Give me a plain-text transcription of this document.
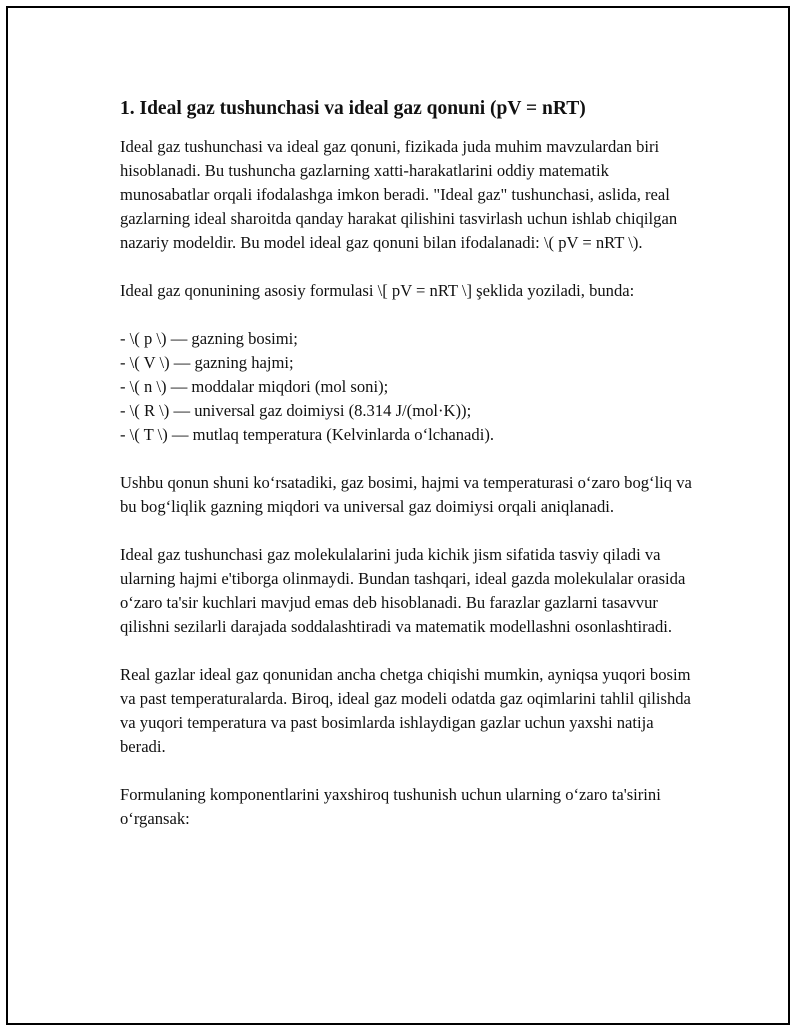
1. Ideal gaz tushunchasi va ideal gaz qonuni (pV = nRT)

Ideal gaz tushunchasi va ideal gaz qonuni, fizikada juda muhim mavzulardan biri hisoblanadi. Bu tushuncha gazlarning xatti-harakatlarini oddiy matematik munosabatlar orqali ifodalashga imkon beradi. "Ideal gaz" tushunchasi, aslida, real gazlarning ideal sharoitda qanday harakat qilishini tasvirlash uchun ishlab chiqilgan nazariy modeldir. Bu model ideal gaz qonuni bilan ifodalanadi: \( pV = nRT \).

Ideal gaz qonunining asosiy formulasi \[ pV = nRT \] şeklida yoziladi, bunda:

- \( p \) — gazning bosimi;
- \( V \) — gazning hajmi;
- \( n \) — moddalar miqdori (mol soni);
- \( R \) — universal gaz doimiysi (8.314 J/(mol·K));
- \( T \) — mutlaq temperatura (Kelvinlarda o‘lchanadi).

Ushbu qonun shuni ko‘rsatadiki, gaz bosimi, hajmi va temperaturasi o‘zaro bog‘liq va bu bog‘liqlik gazning miqdori va universal gaz doimiysi orqali aniqlanadi.

Ideal gaz tushunchasi gaz molekulalarini juda kichik jism sifatida tasviy qiladi va ularning hajmi e'tiborga olinmaydi. Bundan tashqari, ideal gazda molekulalar orasida o‘zaro ta'sir kuchlari mavjud emas deb hisoblanadi. Bu farazlar gazlarni tasavvur qilishni sezilarli darajada soddalashtiradi va matematik modellashni osonlashtiradi.

Real gazlar ideal gaz qonunidan ancha chetga chiqishi mumkin, ayniqsa yuqori bosim va past temperaturalarda. Biroq, ideal gaz modeli odatda gaz oqimlarini tahlil qilishda va yuqori temperatura va past bosimlarda ishlaydigan gazlar uchun yaxshi natija beradi.

Formulaning komponentlarini yaxshiroq tushunish uchun ularning o‘zaro ta'sirini o‘rgansak:
